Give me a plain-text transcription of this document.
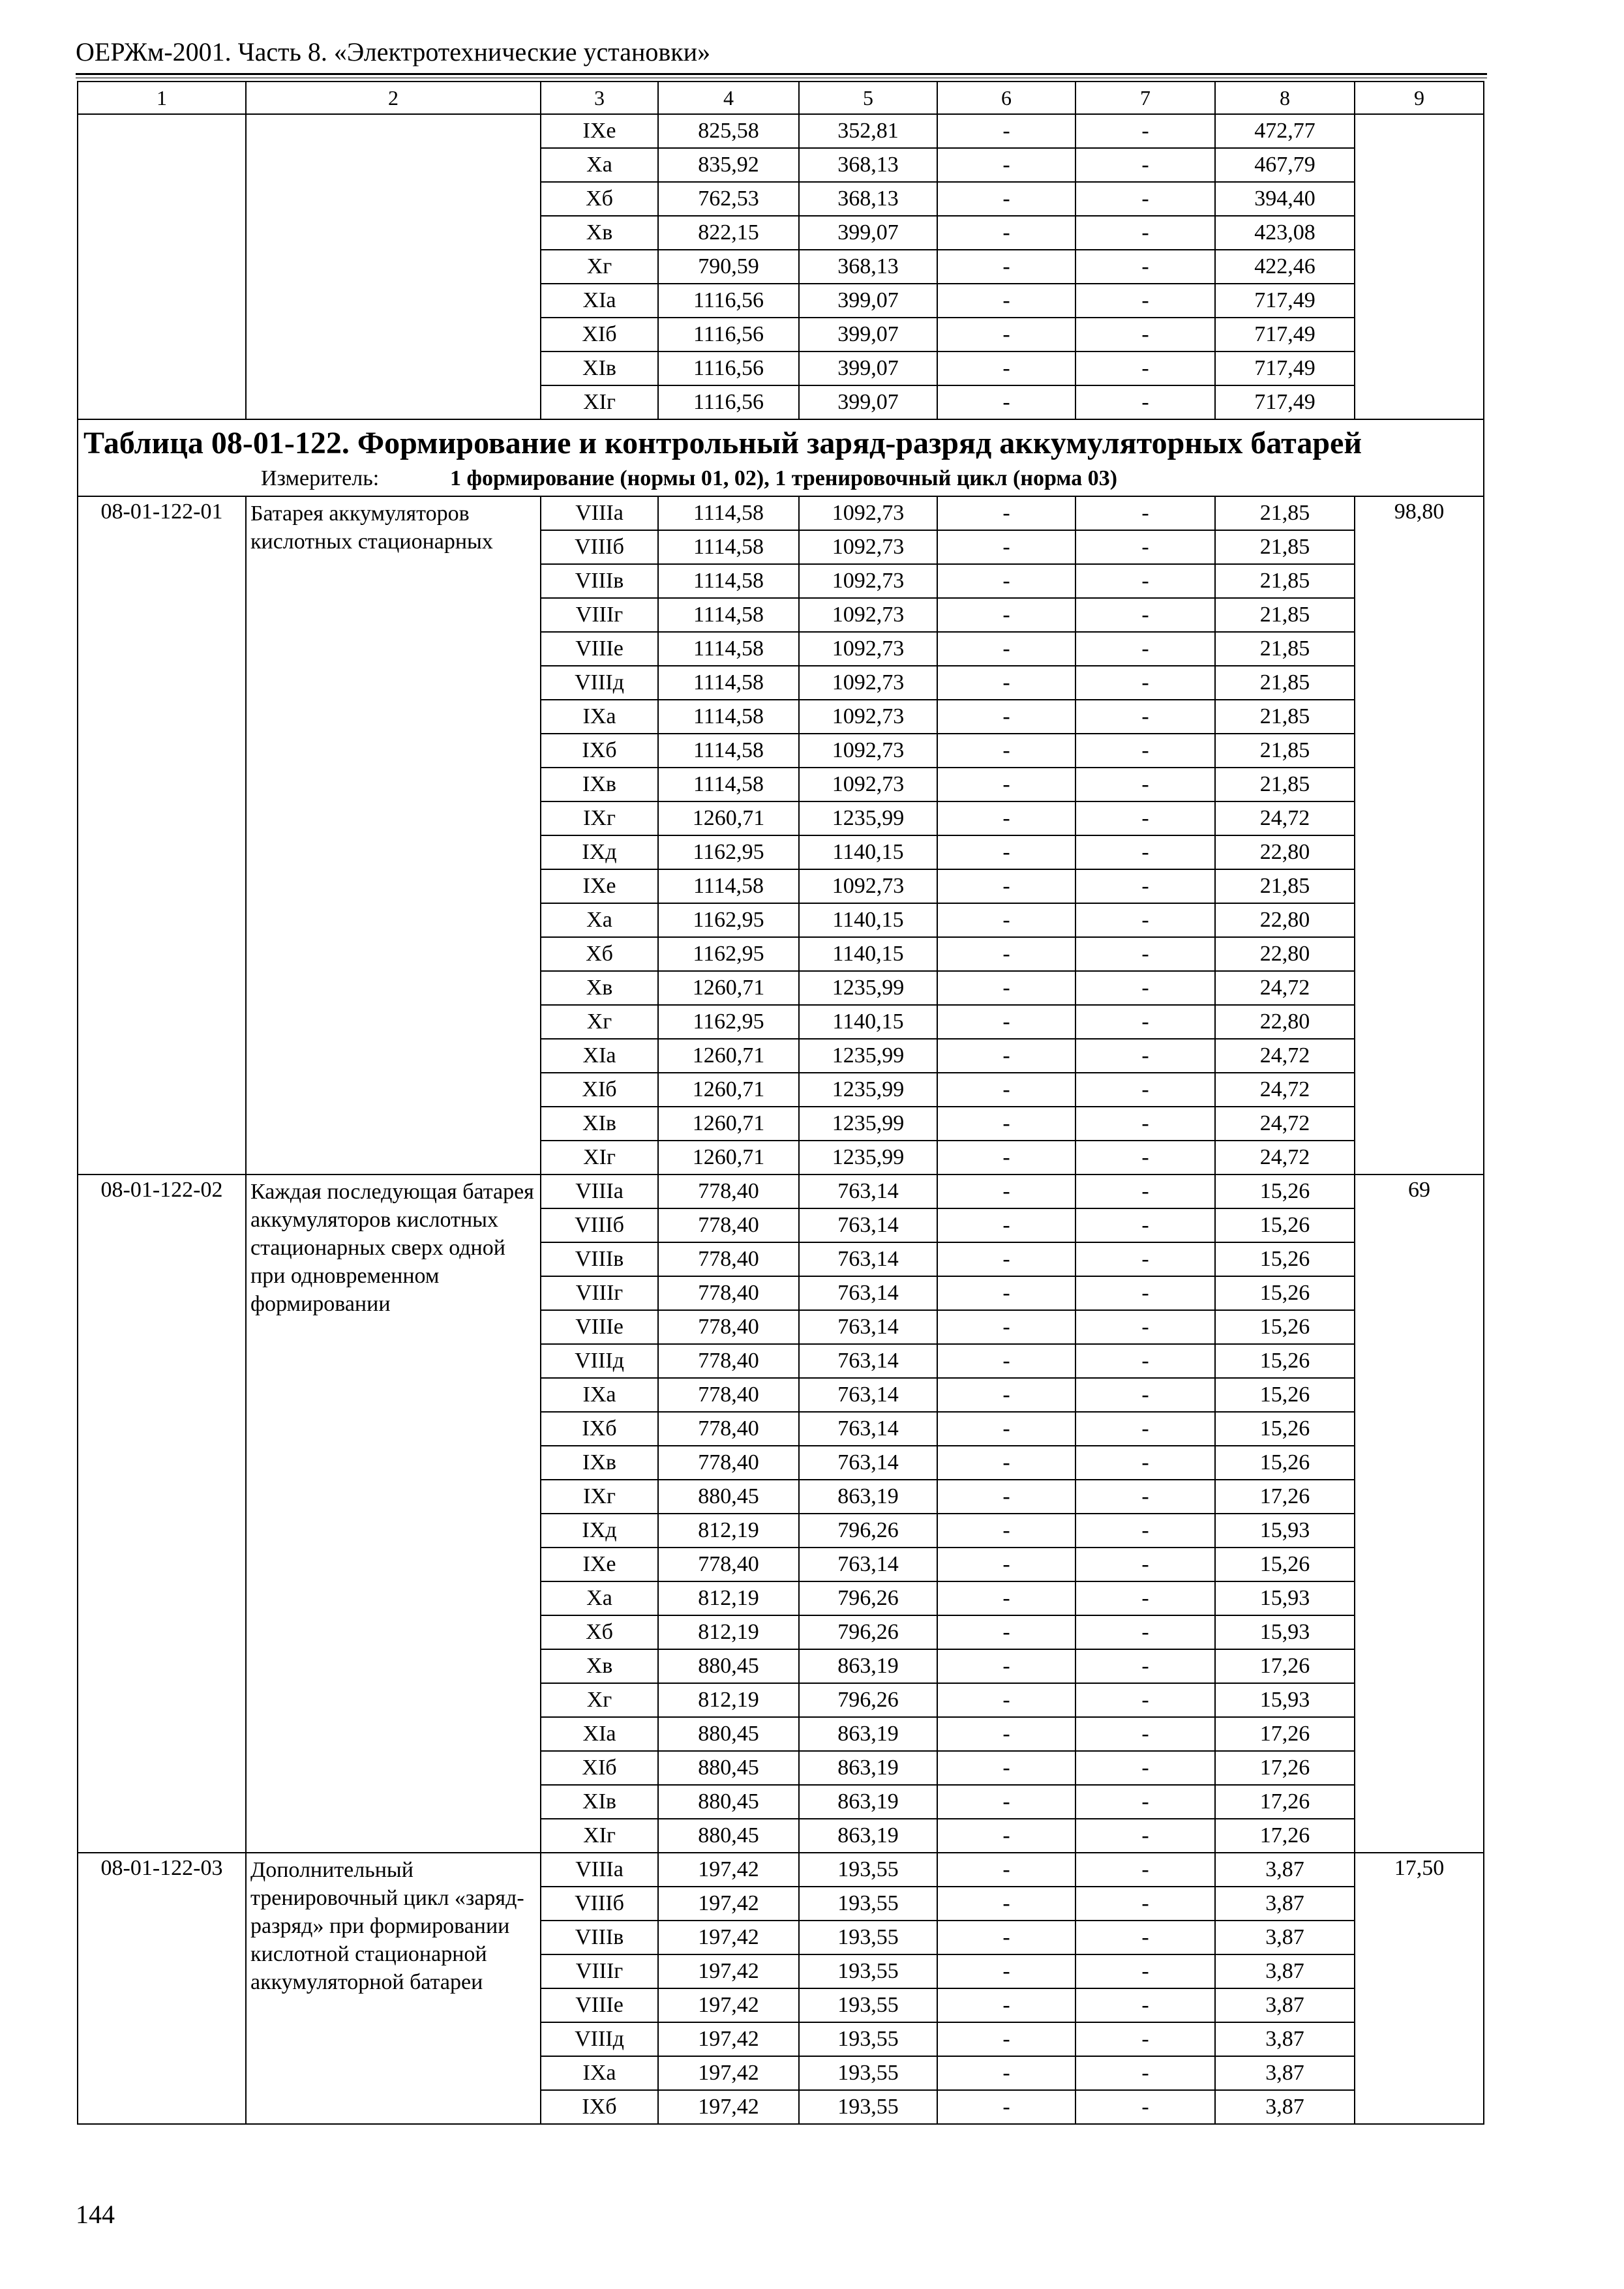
ОЕРЖм-2001. Часть 8. «Электротехнические установки»
1	2	3	4	5	6	7	8	9
		IXе	825,58	352,81	-	-	472,77	
		Xа	835,92	368,13	-	-	467,79	
		Xб	762,53	368,13	-	-	394,40	
		Xв	822,15	399,07	-	-	423,08	
		Xг	790,59	368,13	-	-	422,46	
		XIа	1116,56	399,07	-	-	717,49	
		XIб	1116,56	399,07	-	-	717,49	
		XIв	1116,56	399,07	-	-	717,49	
		XIг	1116,56	399,07	-	-	717,49	

Таблица 08-01-122. Формирование и контрольный заряд-разряд аккумуляторных батарей
Измеритель: 1 формирование (нормы 01, 02), 1 тренировочный цикл (норма 03)								

08-01-122-01	Батарея аккумуляторов кислотных стационарных	VIIIа	1114,58	1092,73	-	-	21,85	98,80
		VIIIб	1114,58	1092,73	-	-	21,85	
		VIIIв	1114,58	1092,73	-	-	21,85	
		VIIIг	1114,58	1092,73	-	-	21,85	
		VIIIе	1114,58	1092,73	-	-	21,85	
		VIIIд	1114,58	1092,73	-	-	21,85	
		IXа	1114,58	1092,73	-	-	21,85	
		IXб	1114,58	1092,73	-	-	21,85	
		IXв	1114,58	1092,73	-	-	21,85	
		IXг	1260,71	1235,99	-	-	24,72	
		IXд	1162,95	1140,15	-	-	22,80	
		IXе	1114,58	1092,73	-	-	21,85	
		Xа	1162,95	1140,15	-	-	22,80	
		Xб	1162,95	1140,15	-	-	22,80	
		Xв	1260,71	1235,99	-	-	24,72	
		Xг	1162,95	1140,15	-	-	22,80	
		XIа	1260,71	1235,99	-	-	24,72	
		XIб	1260,71	1235,99	-	-	24,72	
		XIв	1260,71	1235,99	-	-	24,72	
		XIг	1260,71	1235,99	-	-	24,72	
08-01-122-02	Каждая последующая батарея аккумуляторов кислотных стационарных сверх одной при одновременном формировании	VIIIа	778,40	763,14	-	-	15,26	69
		VIIIб	778,40	763,14	-	-	15,26	
		VIIIв	778,40	763,14	-	-	15,26	
		VIIIг	778,40	763,14	-	-	15,26	
		VIIIе	778,40	763,14	-	-	15,26	
		VIIIд	778,40	763,14	-	-	15,26	
		IXа	778,40	763,14	-	-	15,26	
		IXб	778,40	763,14	-	-	15,26	
		IXв	778,40	763,14	-	-	15,26	
		IXг	880,45	863,19	-	-	17,26	
		IXд	812,19	796,26	-	-	15,93	
		IXе	778,40	763,14	-	-	15,26	
		Xа	812,19	796,26	-	-	15,93	
		Xб	812,19	796,26	-	-	15,93	
		Xв	880,45	863,19	-	-	17,26	
		Xг	812,19	796,26	-	-	15,93	
		XIа	880,45	863,19	-	-	17,26	
		XIб	880,45	863,19	-	-	17,26	
		XIв	880,45	863,19	-	-	17,26	
		XIг	880,45	863,19	-	-	17,26	
08-01-122-03	Дополнительный тренировочный цикл «заряд-разряд» при формировании кислотной стационарной аккумуляторной батареи	VIIIа	197,42	193,55	-	-	3,87	17,50
		VIIIб	197,42	193,55	-	-	3,87	
		VIIIв	197,42	193,55	-	-	3,87	
		VIIIг	197,42	193,55	-	-	3,87	
		VIIIе	197,42	193,55	-	-	3,87	
		VIIIд	197,42	193,55	-	-	3,87	
		IXа	197,42	193,55	-	-	3,87	
		IXб	197,42	193,55	-	-	3,87	
144
